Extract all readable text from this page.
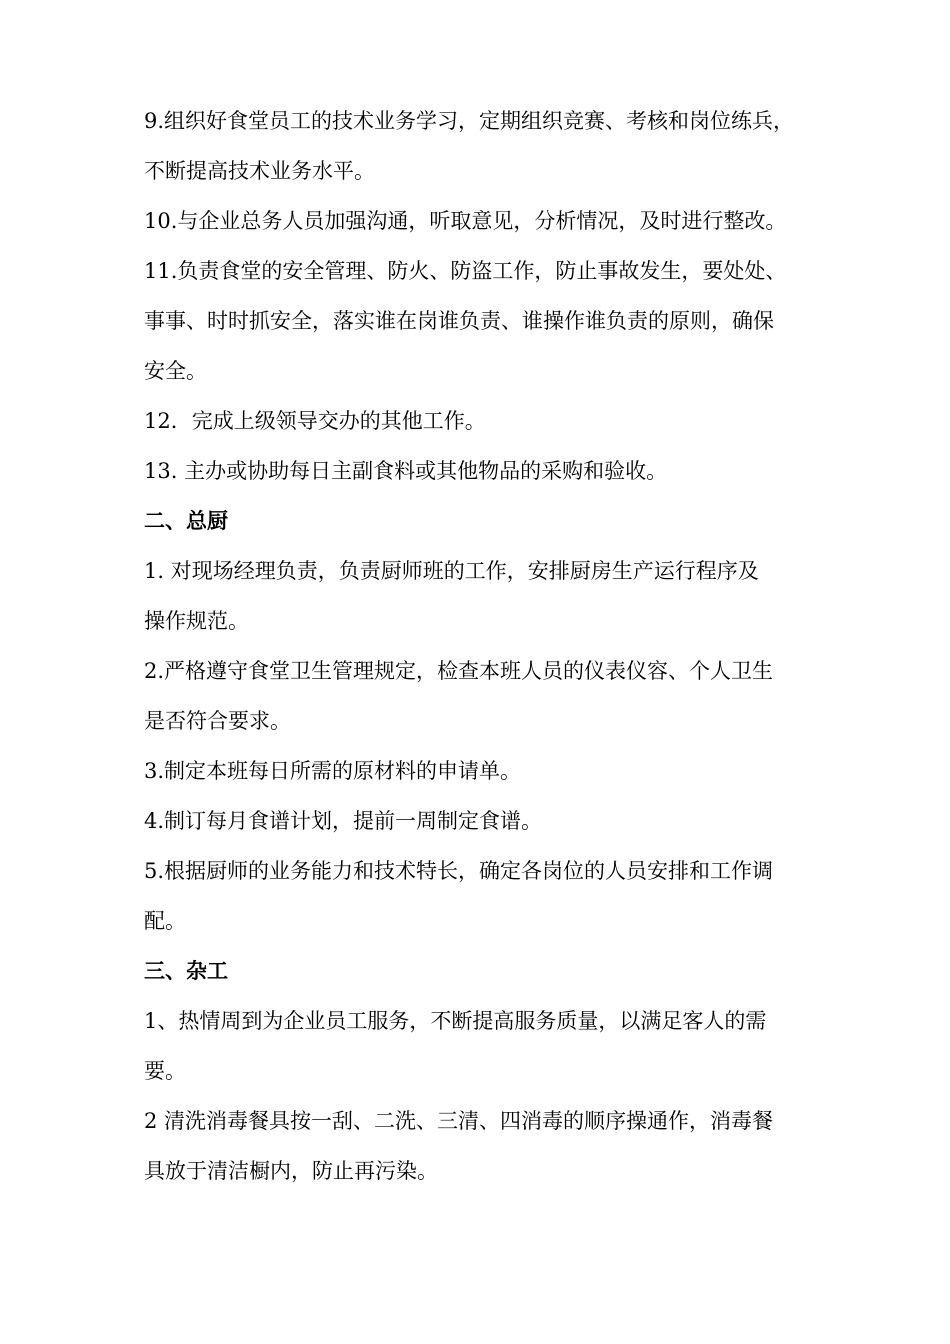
9.组织好食堂员工的技术业务学习，定期组织竞赛、考核和岗位练兵，
不断提高技术业务水平。
10.与企业总务人员加强沟通，听取意见，分析情况，及时进行整改。
11.负责食堂的安全管理、防火、防盗工作，防止事故发生，要处处、
事事、时时抓安全，落实谁在岗谁负责、谁操作谁负责的原则，确保
安全。
12．完成上级领导交办的其他工作。
13. 主办或协助每日主副食料或其他物品的采购和验收。
二、总厨
1. 对现场经理负责，负责厨师班的工作，安排厨房生产运行程序及
操作规范。
2.严格遵守食堂卫生管理规定，检查本班人员的仪表仪容、个人卫生
是否符合要求。
3.制定本班每日所需的原材料的申请单。
4.制订每月食谱计划，提前一周制定食谱。
5.根据厨师的业务能力和技术特长，确定各岗位的人员安排和工作调
配。
三、杂工
1、热情周到为企业员工服务，不断提高服务质量，以满足客人的需
要。
2 清洗消毒餐具按一刮、二洗、三清、四消毒的顺序操通作，消毒餐
具放于清洁橱内，防止再污染。
